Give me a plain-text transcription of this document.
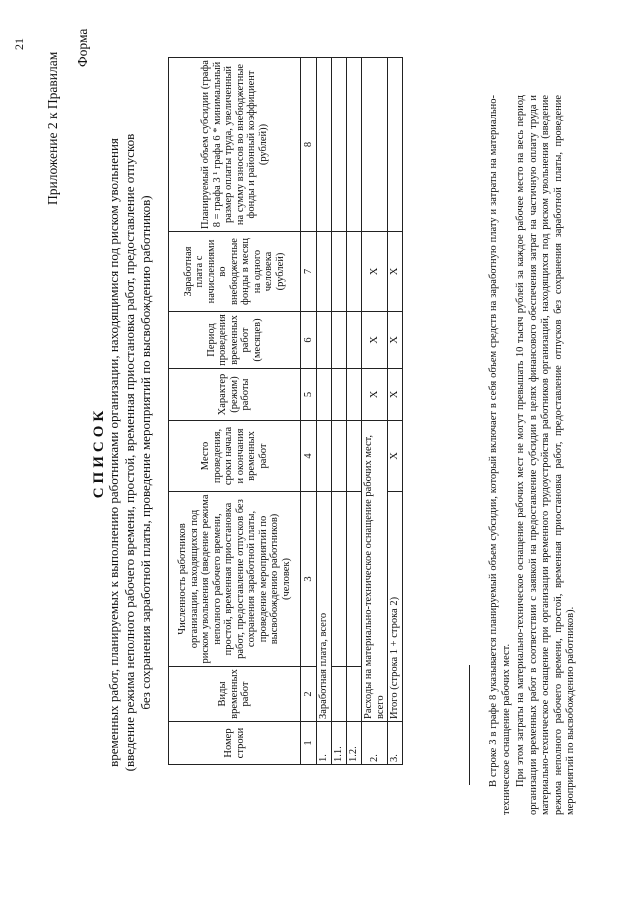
21
Приложение 2 к Правилам
Форма
СПИСОК временных работ, планируемых к выполнению работниками организации, находящимися под риском увольнения (введение режима неполного рабочего времени, простой, временная приостановка работ, предоставление отпусков без сохранения заработной платы, проведение мероприятий по высвобождению работников)
Номер строки	Виды временных работ	Численность работников организации, находящихся под риском увольнения (введение режима неполного рабочего времени, простой, временная приостановка работ, предоставление отпусков без сохранения заработной платы, проведение мероприятий по высвобождению работников) (человек)	Место проведения, сроки начала и окончания временных работ	Характер (режим) работы	Период проведения временных работ (месяцев)	Заработная плата с начислениями во внебюджетные фонды в месяц на одного человека (рублей)	Планируемый объем субсидии (графа 8 = графа 3 ¹ графа 6 * минимальный размер оплаты труда, увеличенный на сумму взносов во внебюджетные фонды и районный коэффициент (рублей))
1	2	3	4	5	6	7	8
1.	Заработная плата, всего						
1.1.							
1.2.							
2.	Расходы на материально-техническое оснащение рабочих мест, всего			X	X	X	
3.	Итого (строка 1 + строка 2)		X	X	X	X		В строке 3 в графе 8 указывается планируемый объем субсидии, который включает в себя объем средств на заработную плату и затраты на материально-техническое оснащение рабочих мест. При этом затраты на материально-техническое оснащение рабочих мест не могут превышать 10 тысяч рублей за каждое рабочее место на весь период организации временных работ в соответствии с заявкой на предоставление субсидии в целях финансового обеспечения затрат на частичную оплату труда и материально-техническое оснащение при организации временного трудоустройства работников организаций, находящихся под риском увольнения (введение режима неполного рабочего времени, простой, временная приостановка работ, предоставление отпусков без сохранения заработной платы, проведение мероприятий по высвобождению работников).
